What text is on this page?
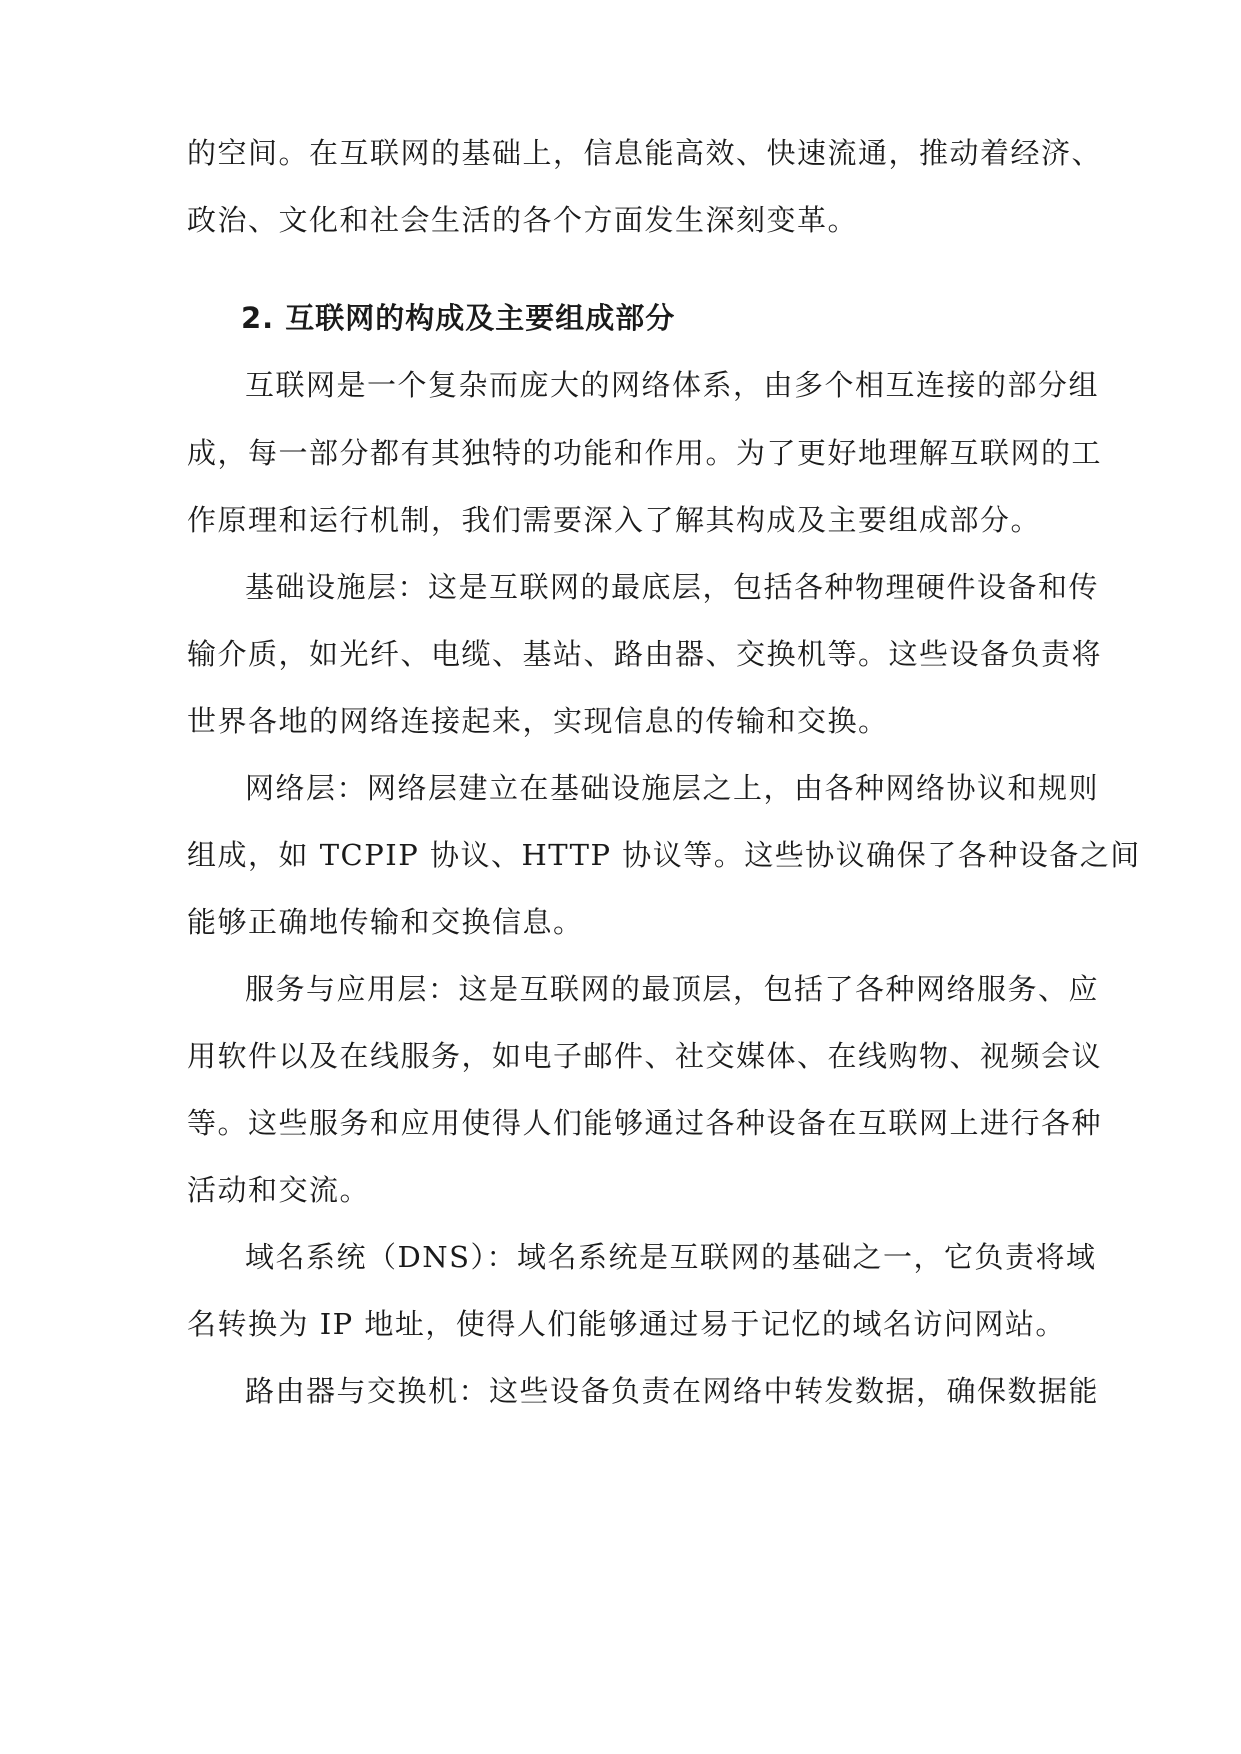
的空间。在互联网的基础上，信息能高效、快速流通，推动着经济、
政治、文化和社会生活的各个方面发生深刻变革。
2. 互联网的构成及主要组成部分
互联网是一个复杂而庞大的网络体系，由多个相互连接的部分组
成，每一部分都有其独特的功能和作用。为了更好地理解互联网的工
作原理和运行机制，我们需要深入了解其构成及主要组成部分。
基础设施层：这是互联网的最底层，包括各种物理硬件设备和传
输介质，如光纤、电缆、基站、路由器、交换机等。这些设备负责将
世界各地的网络连接起来，实现信息的传输和交换。
网络层：网络层建立在基础设施层之上，由各种网络协议和规则
组成，如 TCPIP 协议、HTTP 协议等。这些协议确保了各种设备之间
能够正确地传输和交换信息。
服务与应用层：这是互联网的最顶层，包括了各种网络服务、应
用软件以及在线服务，如电子邮件、社交媒体、在线购物、视频会议
等。这些服务和应用使得人们能够通过各种设备在互联网上进行各种
活动和交流。
域名系统（DNS）：域名系统是互联网的基础之一，它负责将域
名转换为 IP 地址，使得人们能够通过易于记忆的域名访问网站。
路由器与交换机：这些设备负责在网络中转发数据，确保数据能
